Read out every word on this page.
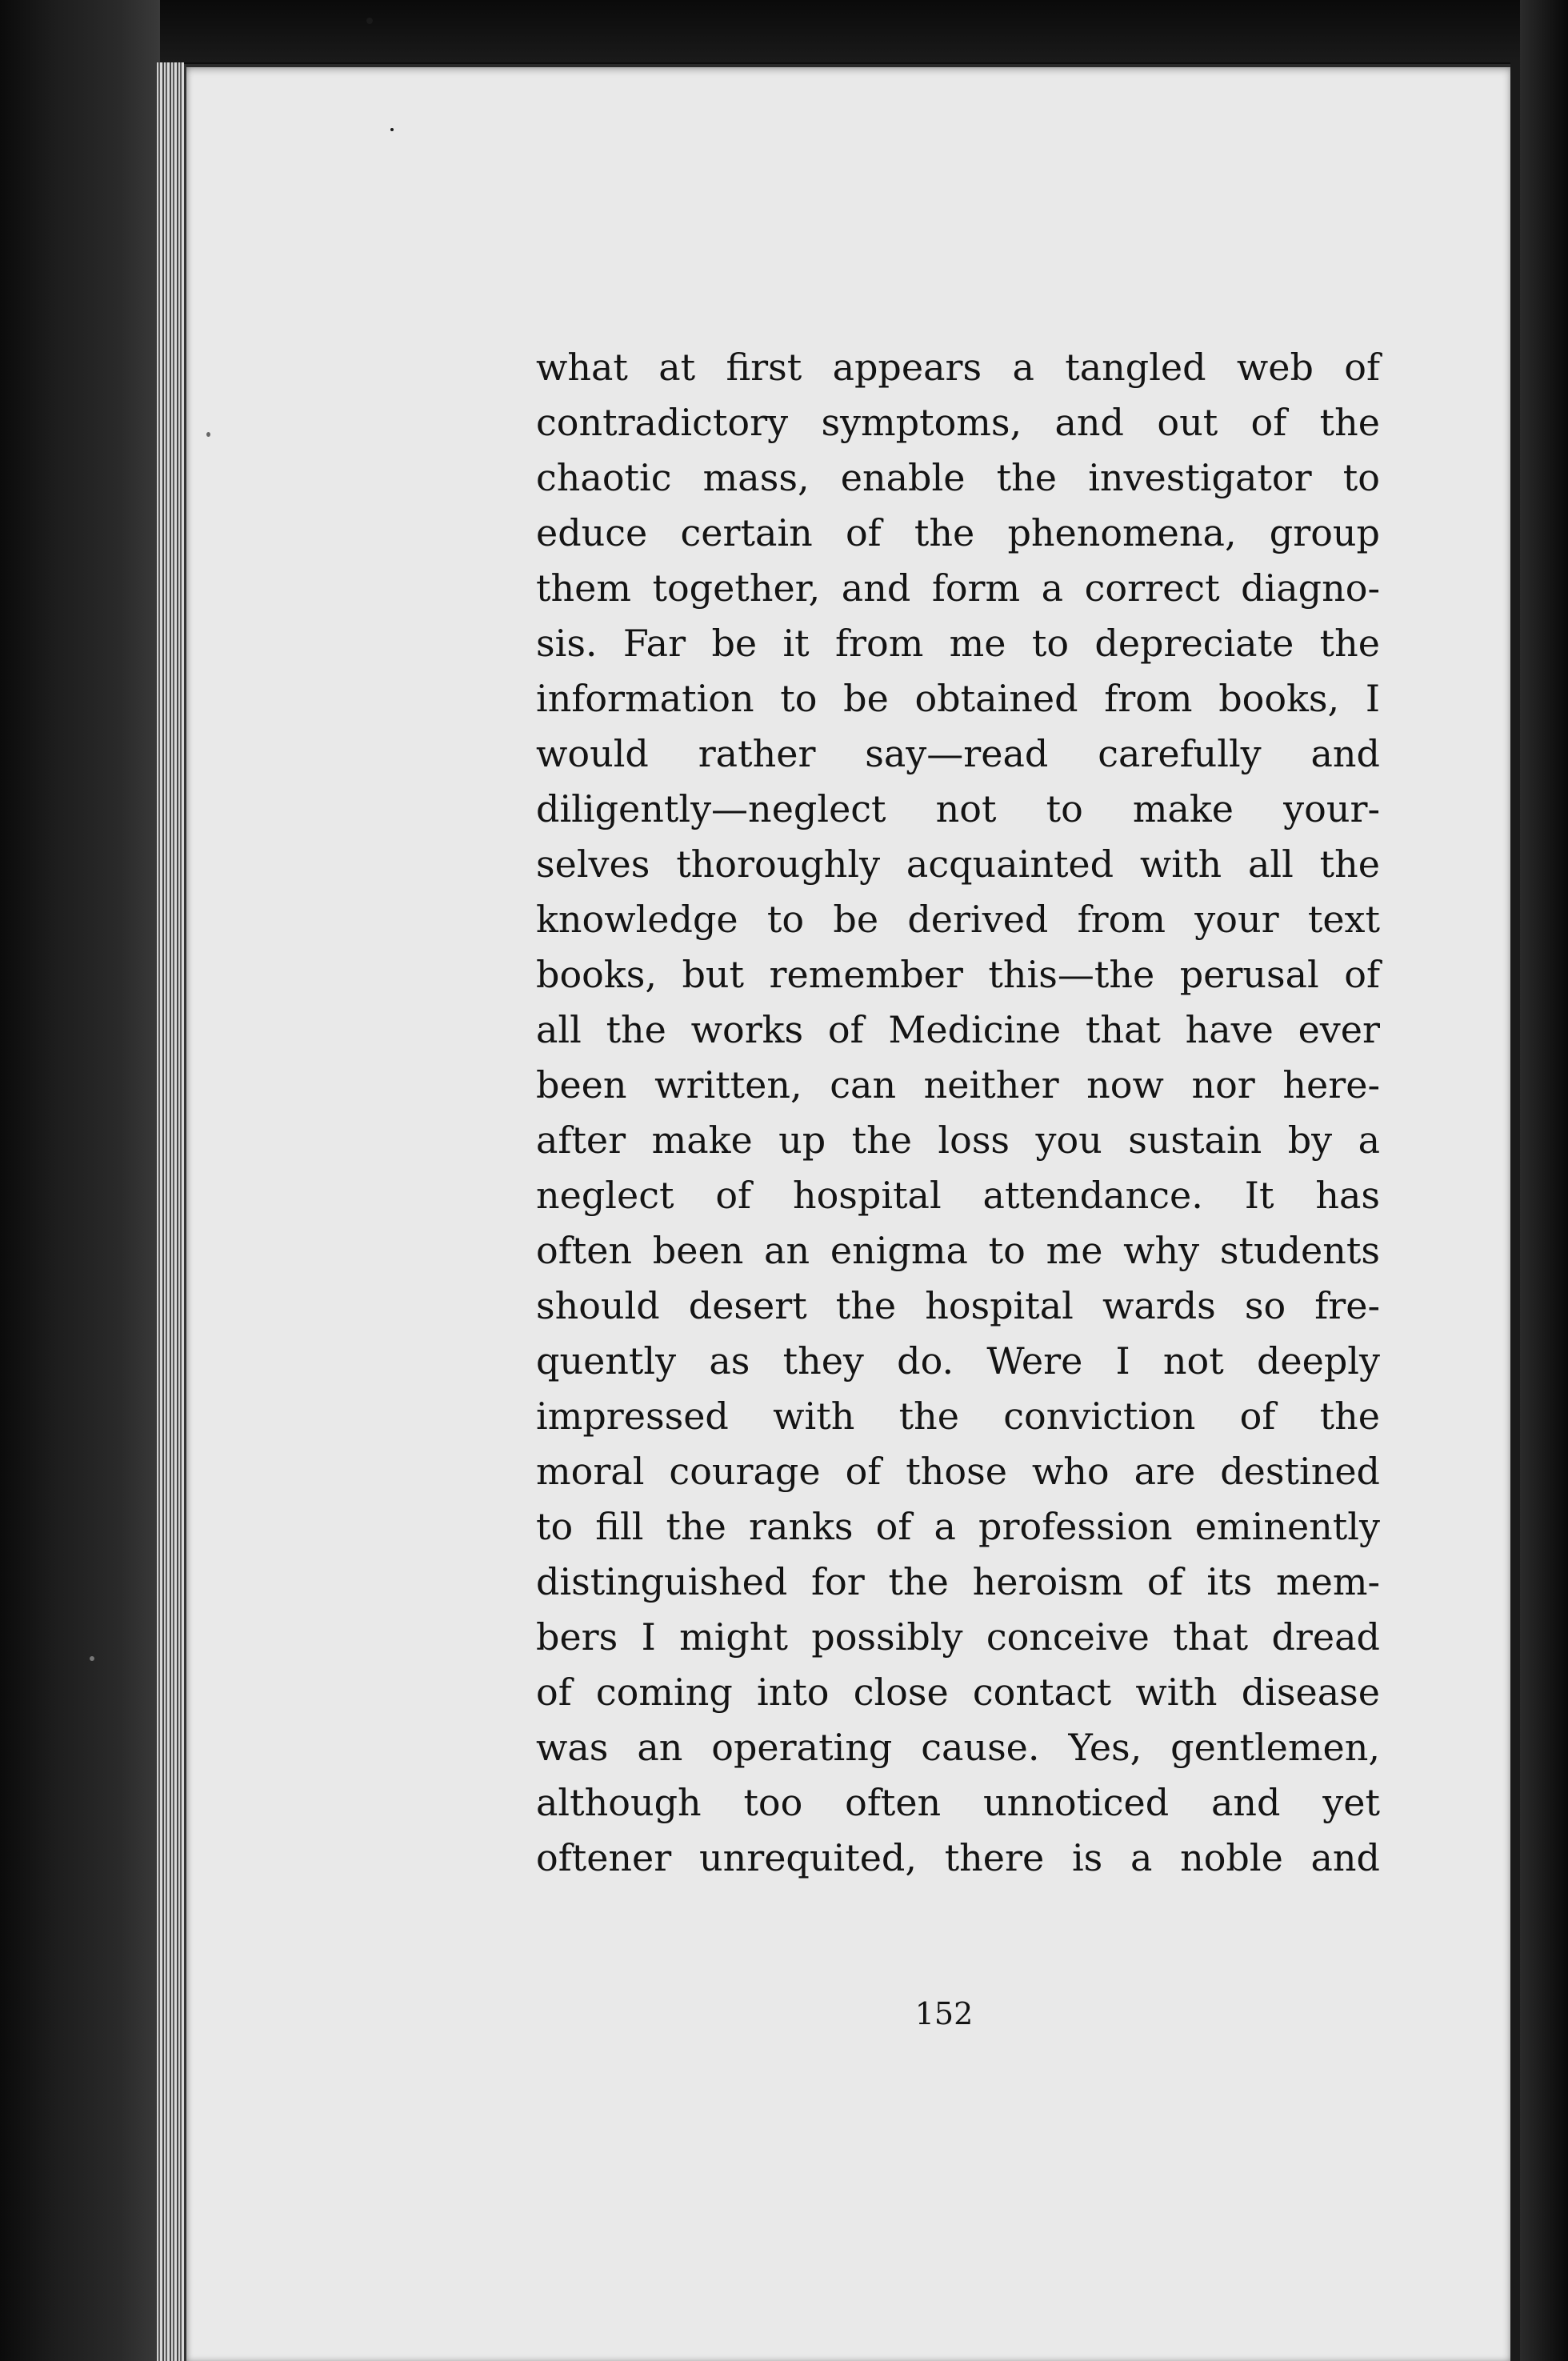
what at first appears a tangled web of
contradictory symptoms, and out of the
chaotic mass, enable the investigator to
educe certain of the phenomena, group
them together, and form a correct diagno-
sis. Far be it from me to depreciate the
information to be obtained from books, I
would rather say—read carefully and
diligently—neglect not to make your-
selves thoroughly acquainted with all the
knowledge to be derived from your text
books, but remember this—the perusal of
all the works of Medicine that have ever
been written, can neither now nor here-
after make up the loss you sustain by a
neglect of hospital attendance. It has
often been an enigma to me why students
should desert the hospital wards so fre-
quently as they do. Were I not deeply
impressed with the conviction of the
moral courage of those who are destined
to fill the ranks of a profession eminently
distinguished for the heroism of its mem-
bers I might possibly conceive that dread
of coming into close contact with disease
was an operating cause. Yes, gentlemen,
although too often unnoticed and yet
oftener unrequited, there is a noble and

152
